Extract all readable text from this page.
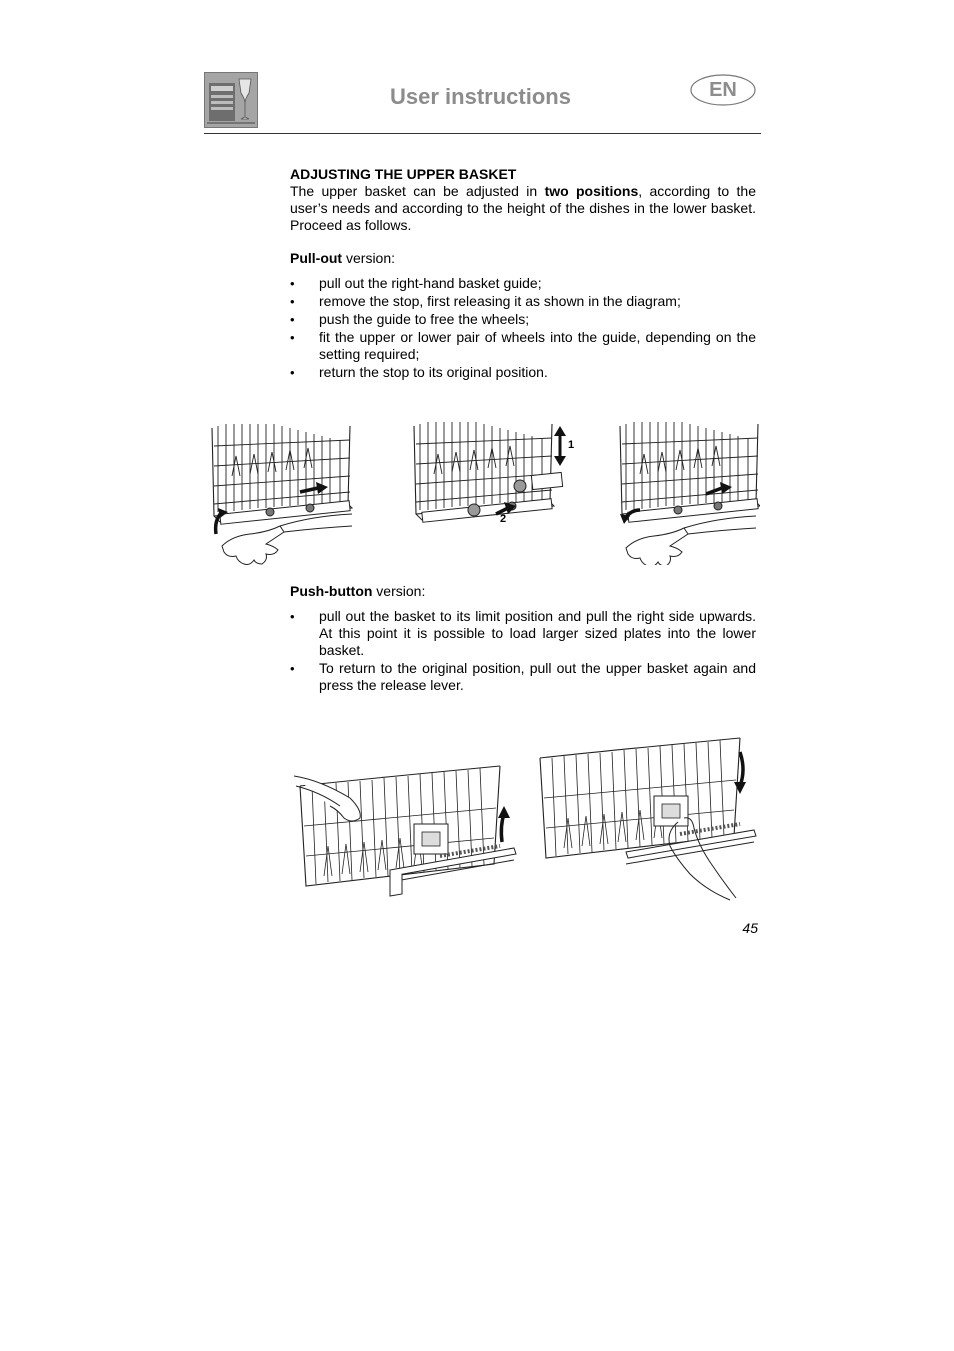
User instructions	EN

ADJUSTING THE UPPER BASKET

The upper basket can be adjusted in two positions, according to the user’s needs and according to the height of the dishes in the lower basket. Proceed as follows.

Pull-out version:

• pull out the right-hand basket guide;
• remove the stop, first releasing it as shown in the diagram;
• push the guide to free the wheels;
• fit the upper or lower pair of wheels into the guide, depending on the setting required;
• return the stop to its original position.
1
2

Push-button version:

• pull out the basket to its limit position and pull the right side upwards. At this point it is possible to load larger sized plates into the lower basket.
• To return to the original position, pull out the upper basket again and press the release lever.
45
